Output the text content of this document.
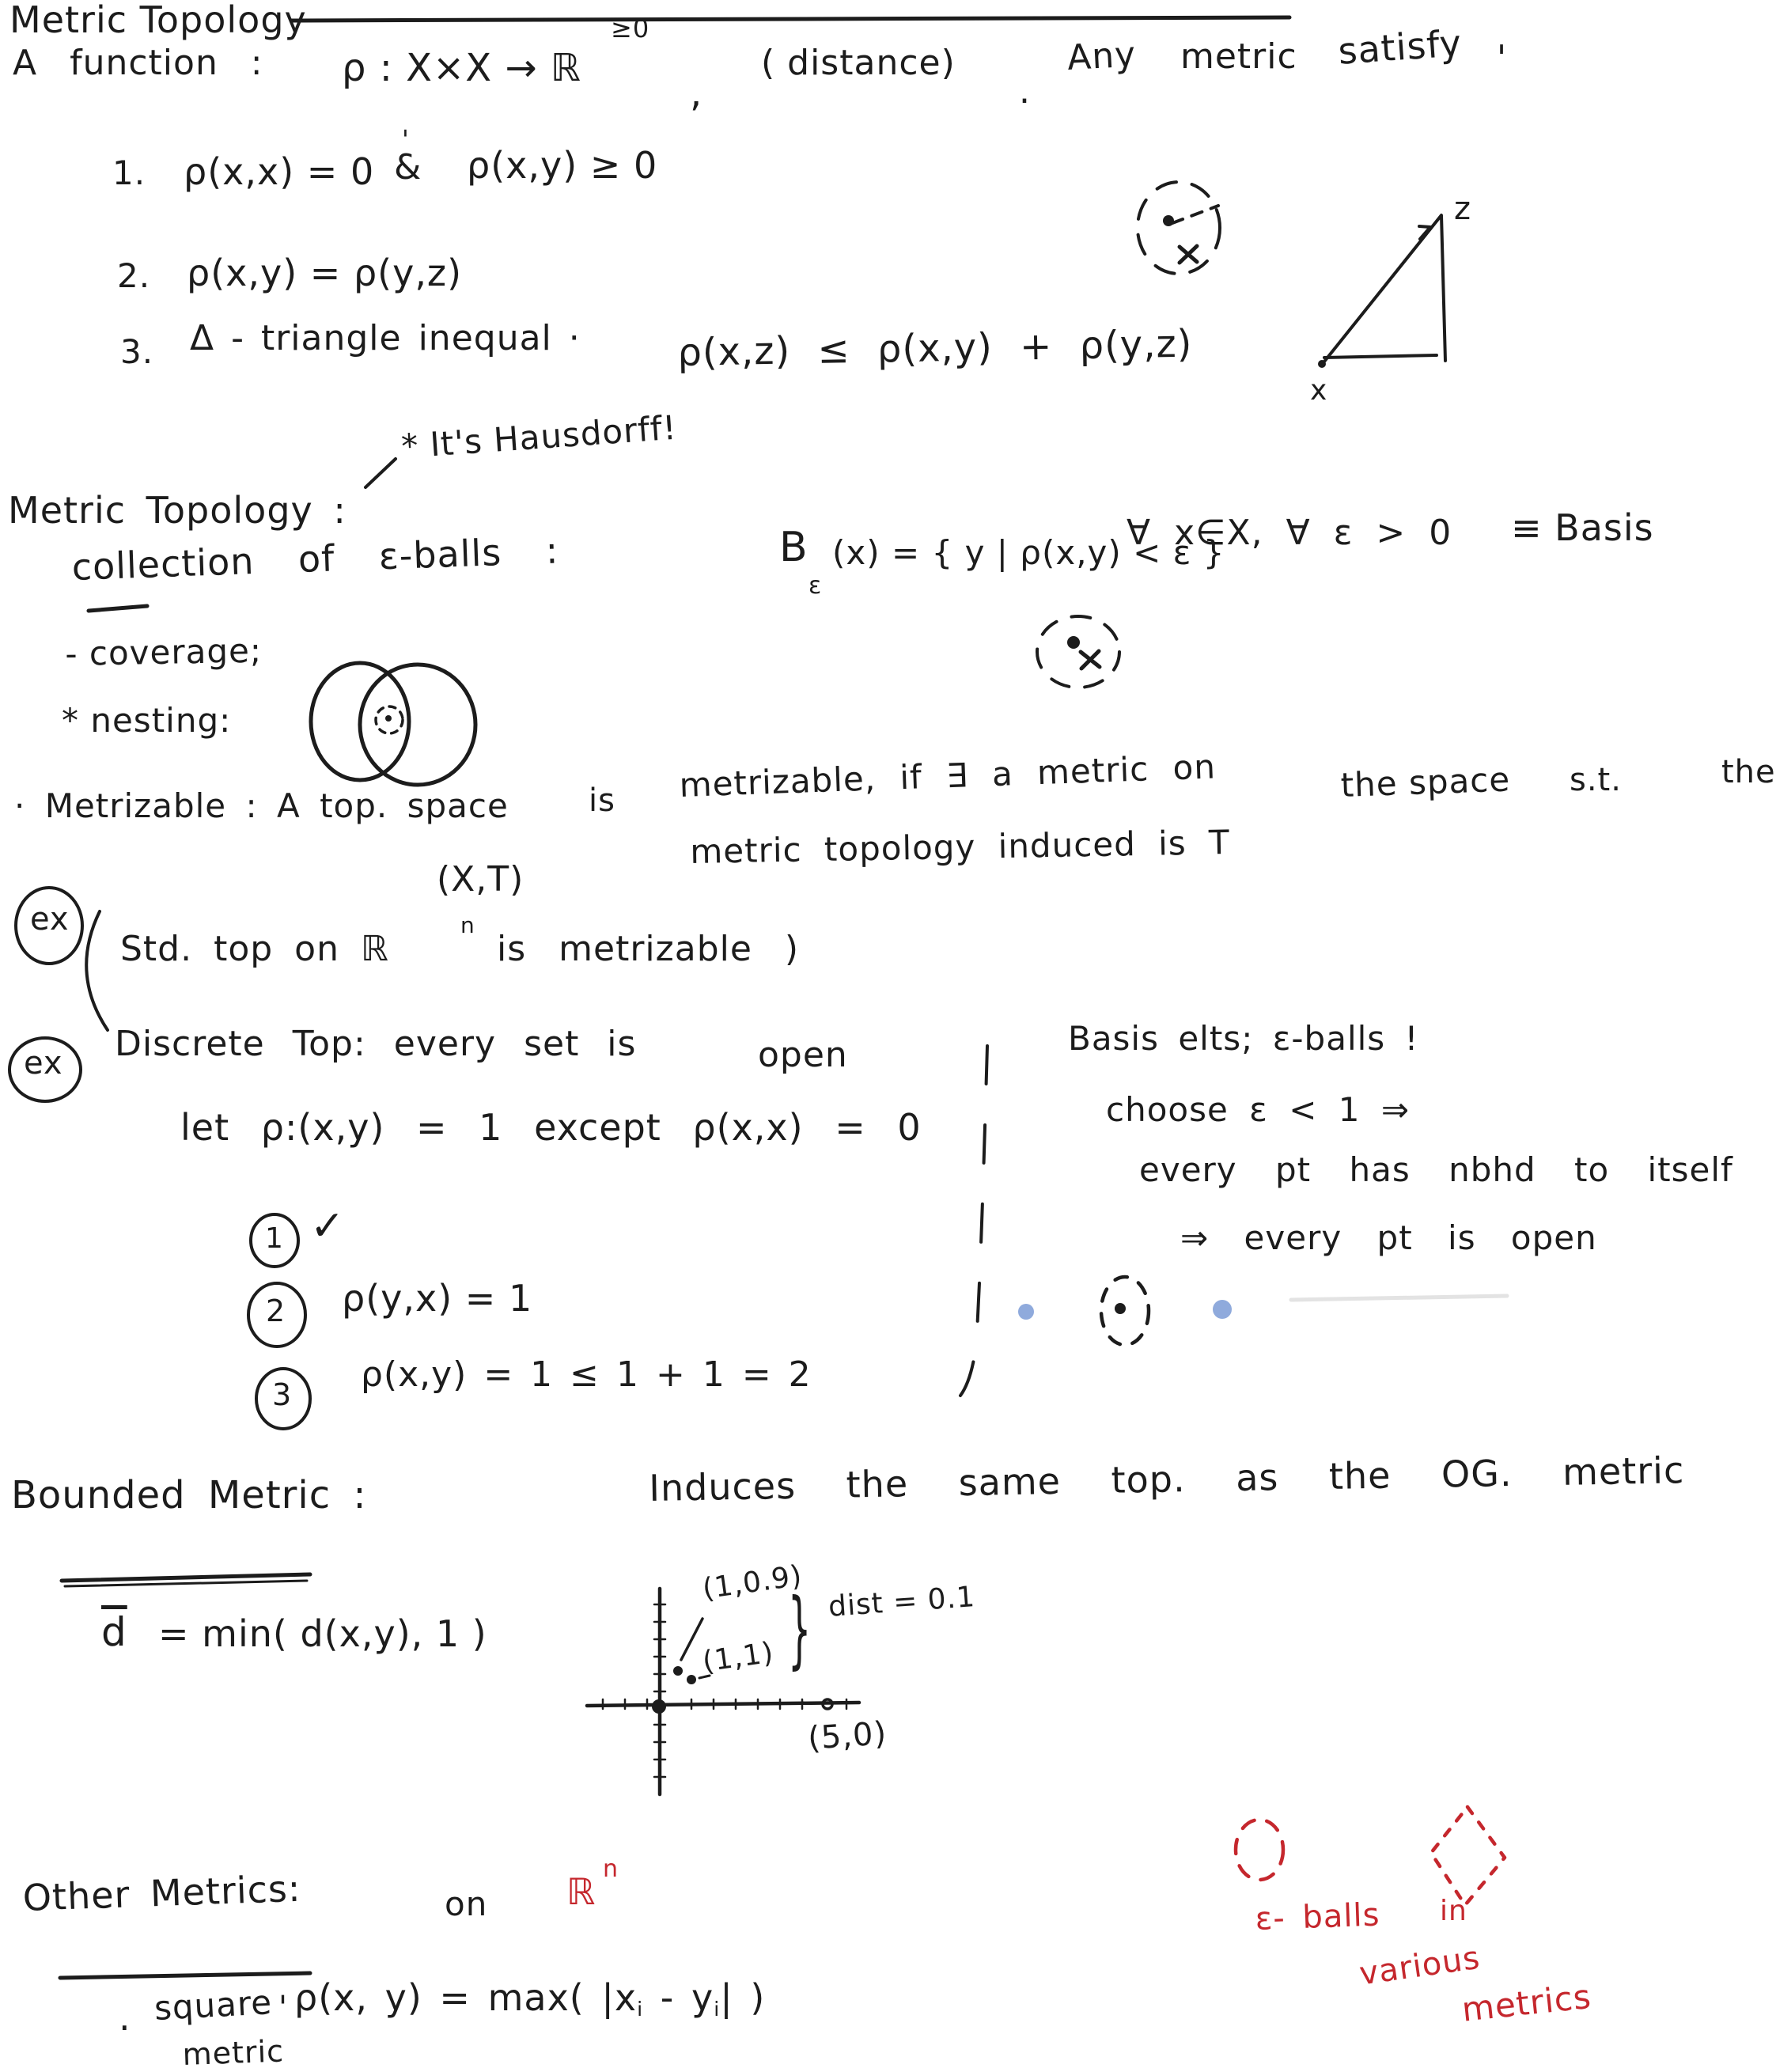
Metric Topology
A function : ρ : X×X → ℝ
≥0
,
( distance)
.
Any metric satisfy '
1. ρ(x,x) = 0
'
& ρ(x,y) ≥ 0
2. ρ(x,y) = ρ(y,z)
3. Δ - triangle inequal ·	ρ(x,z) ≤ ρ(x,y) + ρ(y,z)
* It's Hausdorff!
z
x
Metric Topology :
collection of ε-balls :	B
ε
(x) = { y | ρ(x,y) < ε }
∀ x∈X, ∀ ε > 0 ≡ Basis
- coverage;
* nesting:
· Metrizable : A top. space	is metrizable, if ∃ a metric on	the space s.t.	the
(X,T)
metric topology induced is T
ex
Std. top on ℝ
n
is metrizable )
ex Discrete Top: every set is	open
let ρ:(x,y) = 1 except ρ(x,x) = 0
1 ✓
2 ρ(y,x) = 1
3 ρ(x,y) = 1 ≤ 1 + 1 = 2
Basis elts; ε-balls !
choose ε < 1 ⇒
every pt has nbhd to itself
⇒ every pt is open
Bounded Metric :
$\overline{d} = \min$( d(x,y), 1 )
Induces the same top. as the OG. metric
(1,0.9)
} dist = 0.1
(1,1)
(5,0)
Other Metrics:	on ℝ
n
·
square
metric
' ρ(x, y) = max( |xi - yi| )
ε- balls in
various
metrics
